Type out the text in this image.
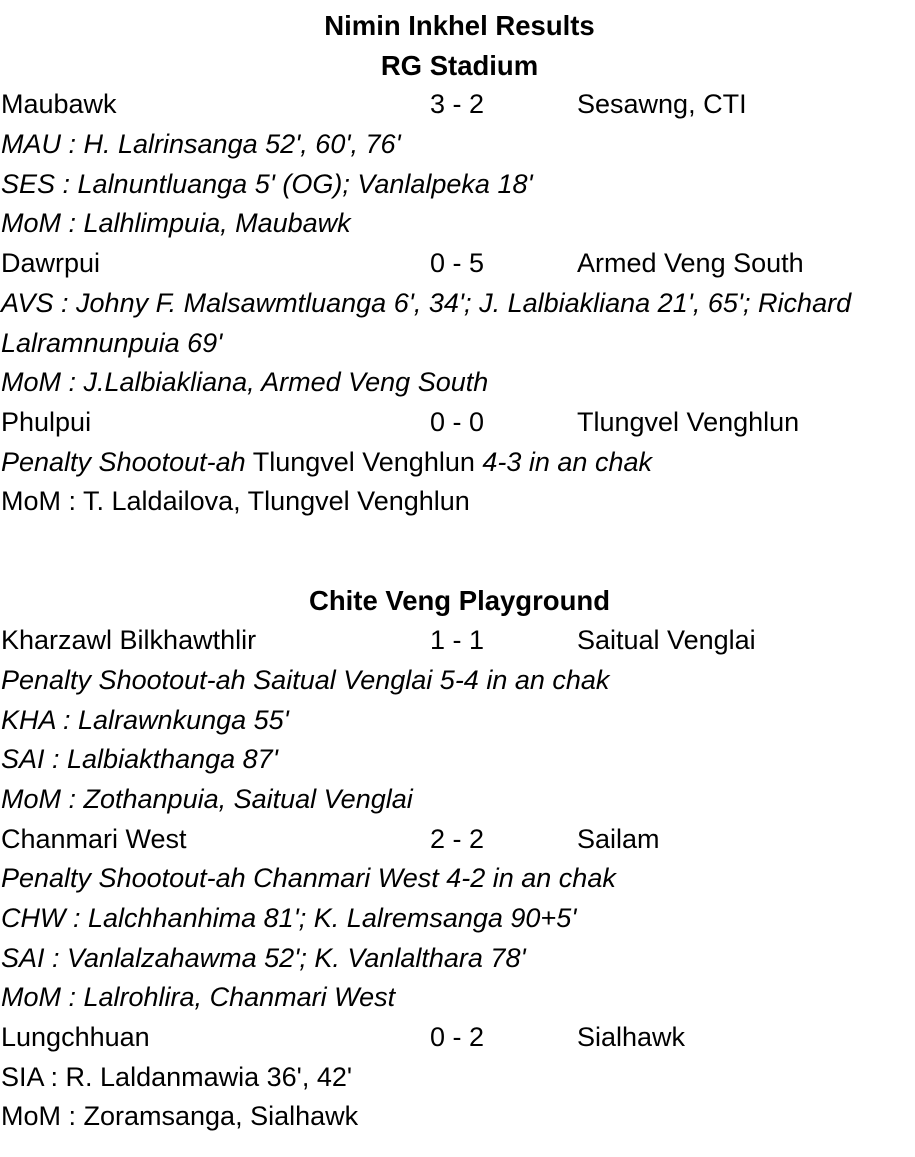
Nimin Inkhel Results
RG Stadium
Maubawk	3 - 2	Sesawng, CTI
MAU : H. Lalrinsanga 52', 60', 76'
SES : Lalnuntluanga 5' (OG); Vanlalpeka 18'
MoM : Lalhlimpuia, Maubawk
Dawrpui	0 - 5	Armed Veng South
AVS : Johny F. Malsawmtluanga 6', 34'; J. Lalbiakliana 21', 65'; Richard Lalramnunpuia 69'
MoM : J.Lalbiakliana, Armed Veng South
Phulpui	0 - 0	Tlungvel Venghlun
Penalty Shootout-ah Tlungvel Venghlun 4-3 in an chak
MoM : T. Laldailova, Tlungvel Venghlun
Chite Veng Playground
Kharzawl Bilkhawthlir	1 - 1	Saitual Venglai
Penalty Shootout-ah Saitual Venglai 5-4 in an chak
KHA : Lalrawnkunga 55'
SAI : Lalbiakthanga 87'
MoM : Zothanpuia, Saitual Venglai
Chanmari West	2 - 2	Sailam
Penalty Shootout-ah Chanmari West 4-2 in an chak
CHW : Lalchhanhima 81'; K. Lalremsanga 90+5'
SAI : Vanlalzahawma 52'; K. Vanlalthara 78'
MoM : Lalrohlira, Chanmari West
Lungchhuan	0 - 2	Sialhawk
SIA : R. Laldanmawia 36', 42'
MoM : Zoramsanga, Sialhawk
